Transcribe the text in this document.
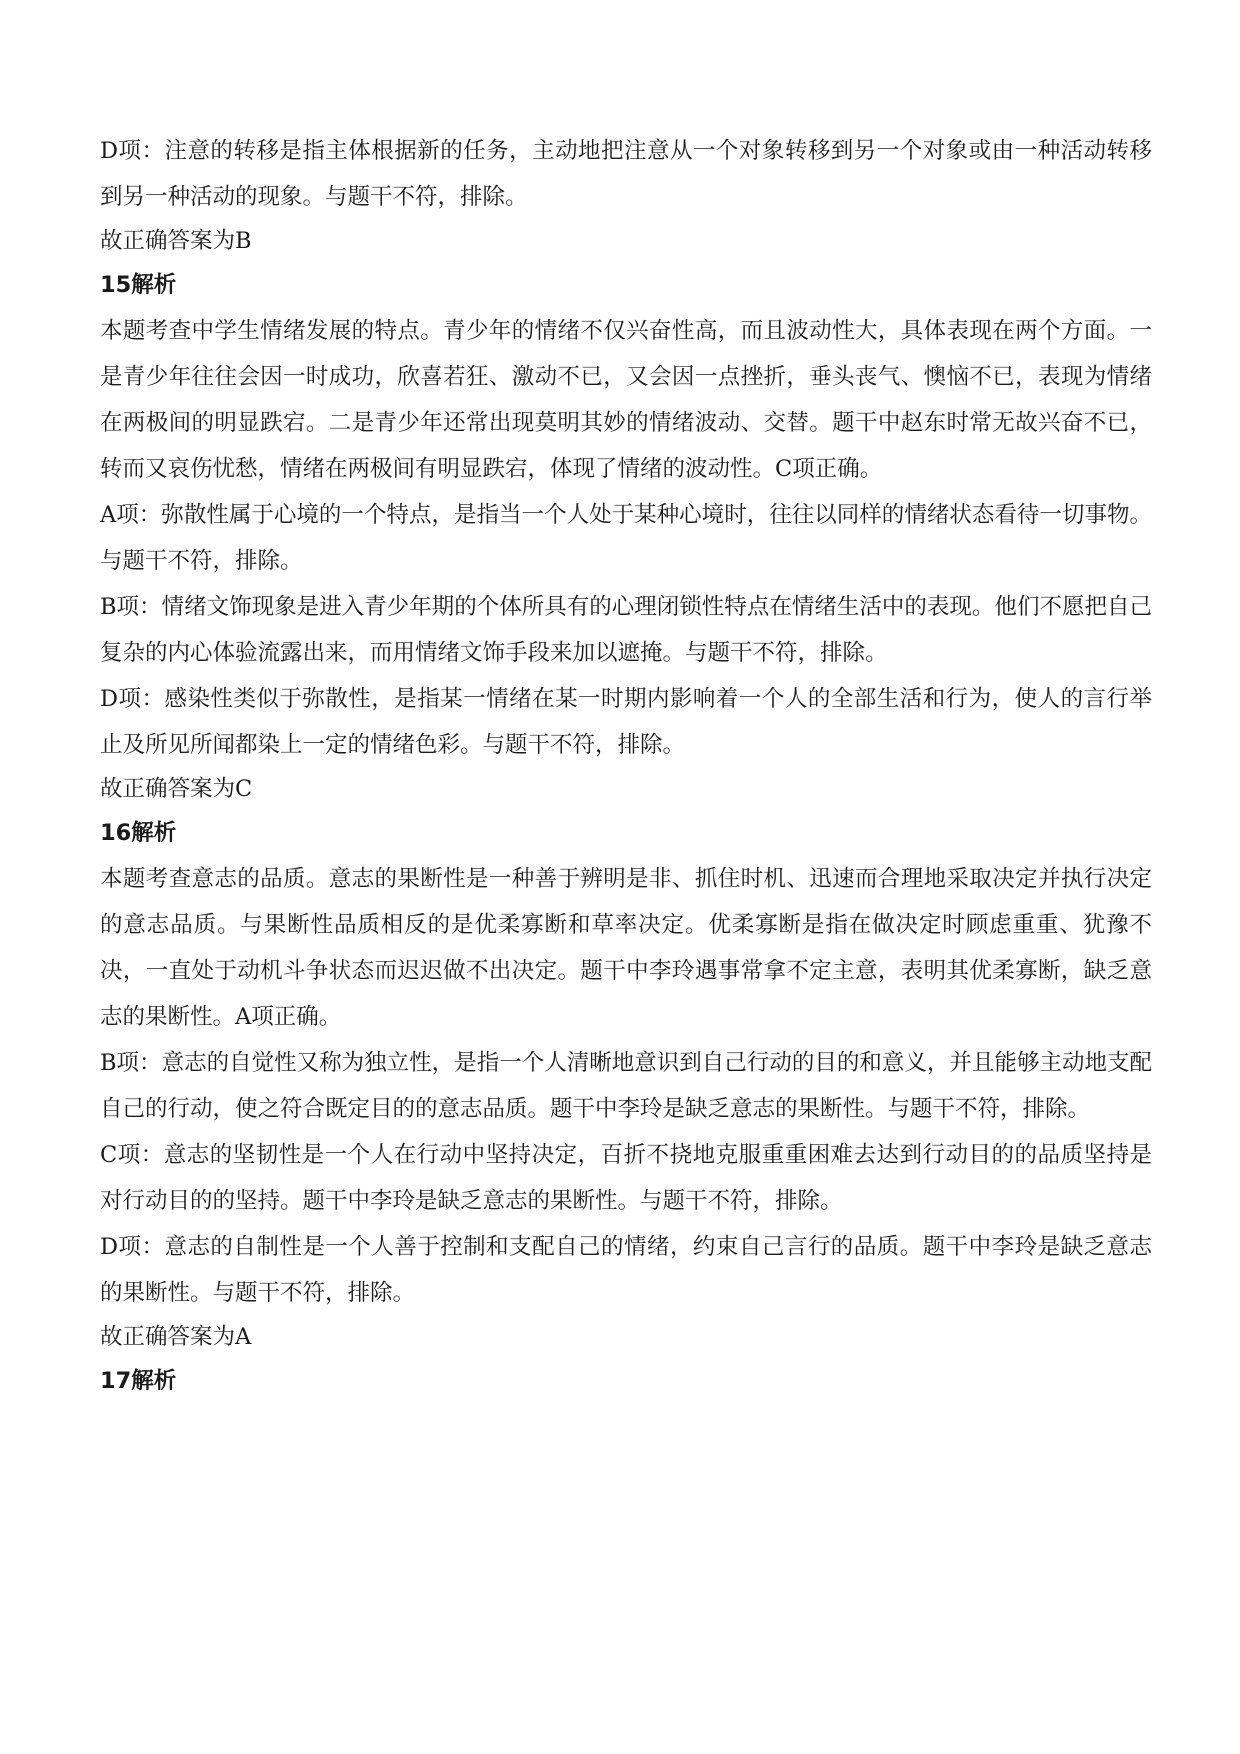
D项：注意的转移是指主体根据新的任务，主动地把注意从一个对象转移到另一个对象或由一种活动转移到另一种活动的现象。与题干不符，排除。

故正确答案为B

15解析

本题考查中学生情绪发展的特点。青少年的情绪不仅兴奋性高，而且波动性大，具体表现在两个方面。一是青少年往往会因一时成功，欣喜若狂、激动不已，又会因一点挫折，垂头丧气、懊恼不已，表现为情绪在两极间的明显跌宕。二是青少年还常出现莫明其妙的情绪波动、交替。题干中赵东时常无故兴奋不已，转而又哀伤忧愁，情绪在两极间有明显跌宕，体现了情绪的波动性。C项正确。

A项：弥散性属于心境的一个特点，是指当一个人处于某种心境时，往往以同样的情绪状态看待一切事物。与题干不符，排除。

B项：情绪文饰现象是进入青少年期的个体所具有的心理闭锁性特点在情绪生活中的表现。他们不愿把自己复杂的内心体验流露出来，而用情绪文饰手段来加以遮掩。与题干不符，排除。

D项：感染性类似于弥散性，是指某一情绪在某一时期内影响着一个人的全部生活和行为，使人的言行举止及所见所闻都染上一定的情绪色彩。与题干不符，排除。

故正确答案为C

16解析

本题考查意志的品质。意志的果断性是一种善于辨明是非、抓住时机、迅速而合理地采取决定并执行决定的意志品质。与果断性品质相反的是优柔寡断和草率决定。优柔寡断是指在做决定时顾虑重重、犹豫不决，一直处于动机斗争状态而迟迟做不出决定。题干中李玲遇事常拿不定主意，表明其优柔寡断，缺乏意志的果断性。A项正确。

B项：意志的自觉性又称为独立性，是指一个人清晰地意识到自己行动的目的和意义，并且能够主动地支配自己的行动，使之符合既定目的的意志品质。题干中李玲是缺乏意志的果断性。与题干不符，排除。

C项：意志的坚韧性是一个人在行动中坚持决定，百折不挠地克服重重困难去达到行动目的的品质坚持是对行动目的的坚持。题干中李玲是缺乏意志的果断性。与题干不符，排除。

D项：意志的自制性是一个人善于控制和支配自己的情绪，约束自己言行的品质。题干中李玲是缺乏意志的果断性。与题干不符，排除。

故正确答案为A

17解析
